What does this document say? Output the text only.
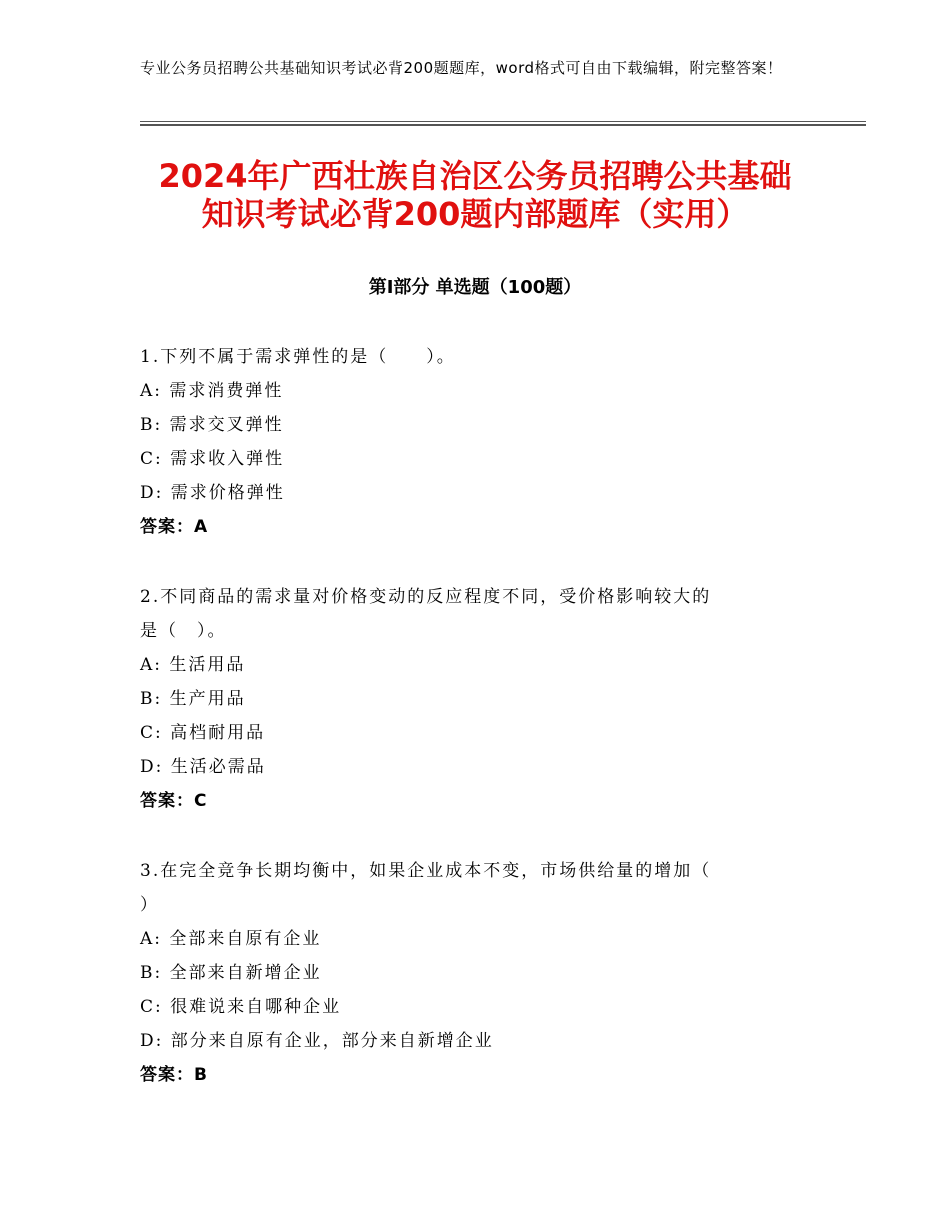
专业公务员招聘公共基础知识考试必背200题题库，word格式可自由下载编辑，附完整答案！
2024年广西壮族自治区公务员招聘公共基础
知识考试必背200题内部题库（实用）
第Ⅰ部分 单选题（100题）
1.下列不属于需求弹性的是（　　）。
A: 需求消费弹性
B: 需求交叉弹性
C: 需求收入弹性
D: 需求价格弹性
答案：A
2.不同商品的需求量对价格变动的反应程度不同，受价格影响较大的
是（　）。
A: 生活用品
B: 生产用品
C: 高档耐用品
D: 生活必需品
答案：C
3.在完全竞争长期均衡中，如果企业成本不变，市场供给量的增加（
）
A: 全部来自原有企业
B: 全部来自新增企业
C: 很难说来自哪种企业
D: 部分来自原有企业，部分来自新增企业
答案：B
